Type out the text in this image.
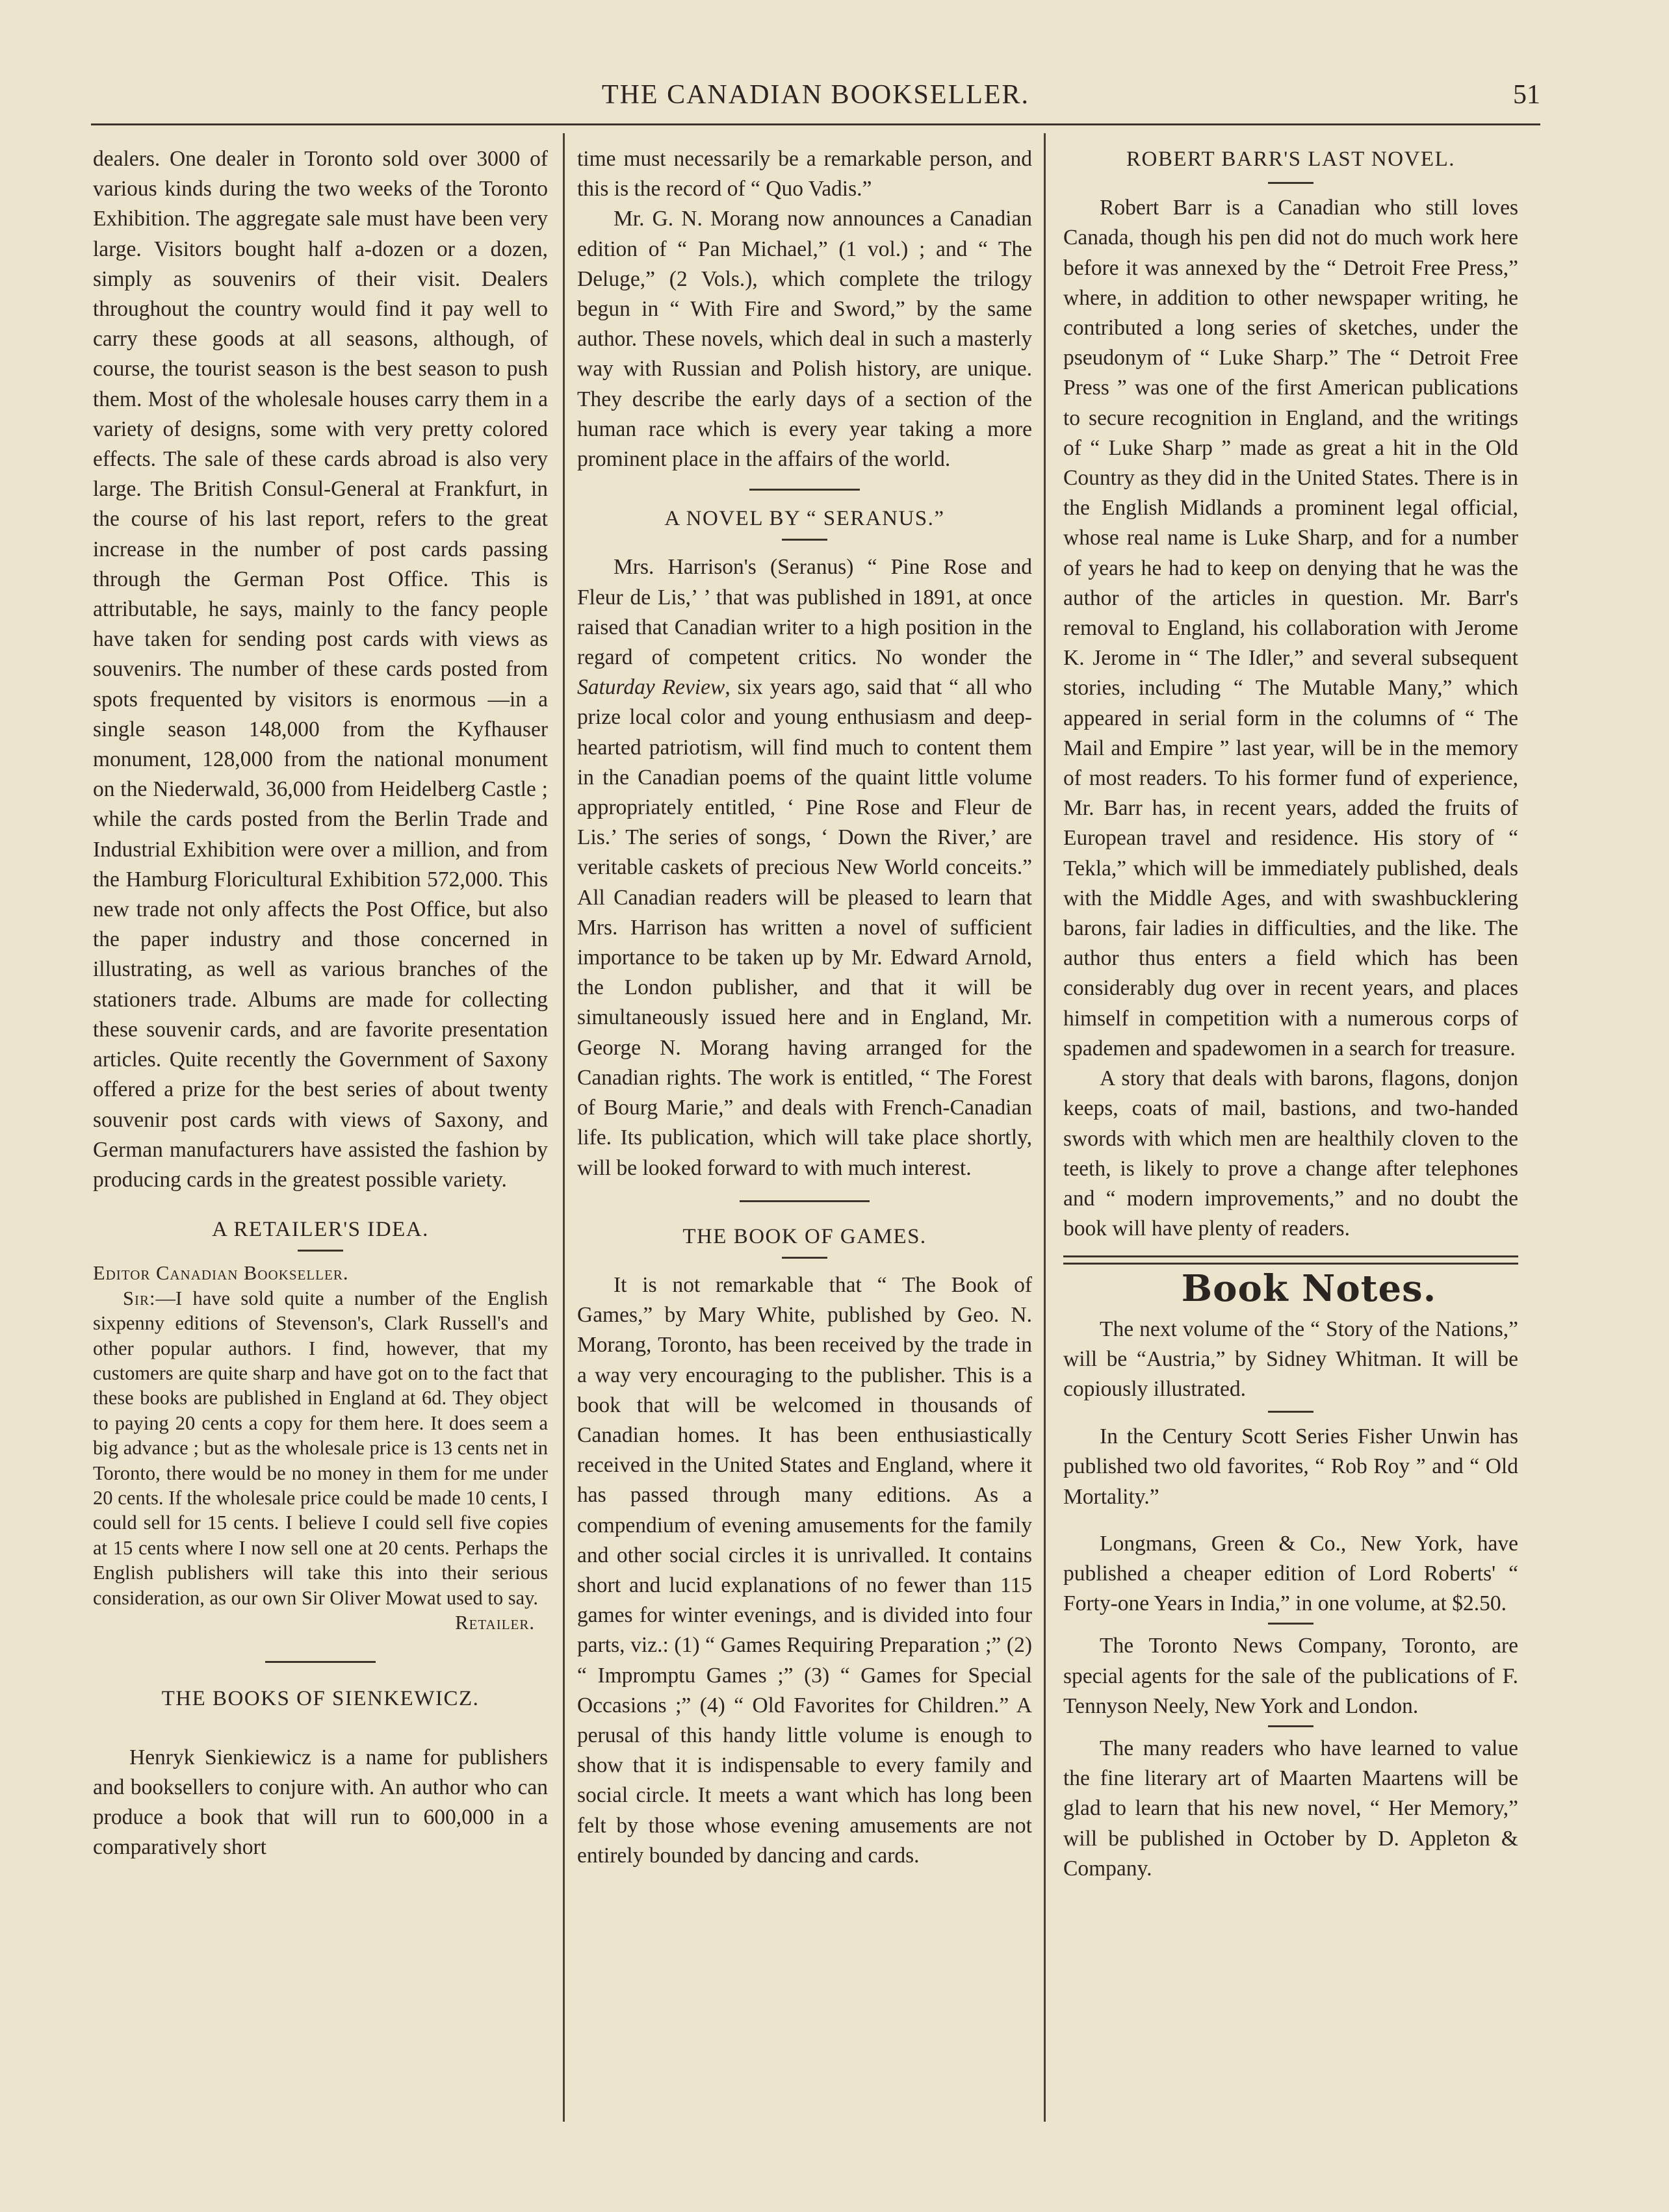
THE CANADIAN BOOKSELLER.	51

dealers. One dealer in Toronto sold over 3000 of various kinds during the two weeks of the Toronto Exhibition. The aggregate sale must have been very large. Visitors bought half a-dozen or a dozen, simply as souvenirs of their visit. Dealers throughout the country would find it pay well to carry these goods at all seasons, although, of course, the tourist season is the best season to push them. Most of the wholesale houses carry them in a variety of designs, some with very pretty colored effects. The sale of these cards abroad is also very large. The British Consul-General at Frankfurt, in the course of his last report, refers to the great increase in the number of post cards passing through the German Post Office. This is attributable, he says, mainly to the fancy people have taken for sending post cards with views as souvenirs. The number of these cards posted from spots frequented by visitors is enormous —in a single season 148,000 from the Kyfhauser monument, 128,000 from the national monument on the Niederwald, 36,000 from Heidelberg Castle ; while the cards posted from the Berlin Trade and Industrial Exhibition were over a million, and from the Hamburg Floricultural Exhibition 572,000. This new trade not only affects the Post Office, but also the paper industry and those concerned in illustrating, as well as various branches of the stationers trade. Albums are made for collecting these souvenir cards, and are favorite presentation articles. Quite recently the Government of Saxony offered a prize for the best series of about twenty souvenir post cards with views of Saxony, and German manufacturers have assisted the fashion by producing cards in the greatest possible variety.

A RETAILER'S IDEA.

Editor Canadian Bookseller.

Sir:—I have sold quite a number of the English sixpenny editions of Stevenson's, Clark Russell's and other popular authors. I find, however, that my customers are quite sharp and have got on to the fact that these books are published in England at 6d. They object to paying 20 cents a copy for them here. It does seem a big advance ; but as the wholesale price is 13 cents net in Toronto, there would be no money in them for me under 20 cents. If the wholesale price could be made 10 cents, I could sell for 15 cents. I believe I could sell five copies at 15 cents where I now sell one at 20 cents. Perhaps the English publishers will take this into their serious consideration, as our own Sir Oliver Mowat used to say.

Retailer.

THE BOOKS OF SIENKEWICZ.

Henryk Sienkiewicz is a name for publishers and booksellers to conjure with. An author who can produce a book that will run to 600,000 in a comparatively short

time must necessarily be a remarkable person, and this is the record of “ Quo Vadis.”

Mr. G. N. Morang now announces a Canadian edition of “ Pan Michael,” (1 vol.) ; and “ The Deluge,” (2 Vols.), which complete the trilogy begun in “ With Fire and Sword,” by the same author. These novels, which deal in such a masterly way with Russian and Polish history, are unique. They describe the early days of a section of the human race which is every year taking a more prominent place in the affairs of the world.

A NOVEL BY “ SERANUS.”

Mrs. Harrison's (Seranus) “ Pine Rose and Fleur de Lis,’ ’ that was published in 1891, at once raised that Canadian writer to a high position in the regard of competent critics. No wonder the Saturday Review, six years ago, said that “ all who prize local color and young enthusiasm and deep-hearted patriotism, will find much to content them in the Canadian poems of the quaint little volume appropriately entitled, ‘ Pine Rose and Fleur de Lis.’ The series of songs, ‘ Down the River,’ are veritable caskets of precious New World conceits.” All Canadian readers will be pleased to learn that Mrs. Harrison has written a novel of sufficient importance to be taken up by Mr. Edward Arnold, the London publisher, and that it will be simultaneously issued here and in England, Mr. George N. Morang having arranged for the Canadian rights. The work is entitled, “ The Forest of Bourg Marie,” and deals with French-Canadian life. Its publication, which will take place shortly, will be looked forward to with much interest.

THE BOOK OF GAMES.

It is not remarkable that “ The Book of Games,” by Mary White, published by Geo. N. Morang, Toronto, has been received by the trade in a way very encouraging to the publisher. This is a book that will be welcomed in thousands of Canadian homes. It has been enthusiastically received in the United States and England, where it has passed through many editions. As a compendium of evening amusements for the family and other social circles it is unrivalled. It contains short and lucid explanations of no fewer than 115 games for winter evenings, and is divided into four parts, viz.: (1) “ Games Requiring Preparation ;” (2) “ Impromptu Games ;” (3) “ Games for Special Occasions ;” (4) “ Old Favorites for Children.” A perusal of this handy little volume is enough to show that it is indispensable to every family and social circle. It meets a want which has long been felt by those whose evening amusements are not entirely bounded by dancing and cards.

ROBERT BARR'S LAST NOVEL.

Robert Barr is a Canadian who still loves Canada, though his pen did not do much work here before it was annexed by the “ Detroit Free Press,” where, in addition to other newspaper writing, he contributed a long series of sketches, under the pseudonym of “ Luke Sharp.” The “ Detroit Free Press ” was one of the first American publications to secure recognition in England, and the writings of “ Luke Sharp ” made as great a hit in the Old Country as they did in the United States. There is in the English Midlands a prominent legal official, whose real name is Luke Sharp, and for a number of years he had to keep on denying that he was the author of the articles in question. Mr. Barr's removal to England, his collaboration with Jerome K. Jerome in “ The Idler,” and several subsequent stories, including “ The Mutable Many,” which appeared in serial form in the columns of “ The Mail and Empire ” last year, will be in the memory of most readers. To his former fund of experience, Mr. Barr has, in recent years, added the fruits of European travel and residence. His story of “ Tekla,” which will be immediately published, deals with the Middle Ages, and with swashbucklering barons, fair ladies in difficulties, and the like. The author thus enters a field which has been considerably dug over in recent years, and places himself in competition with a numerous corps of spademen and spadewomen in a search for treasure.

A story that deals with barons, flagons, donjon keeps, coats of mail, bastions, and two-handed swords with which men are healthily cloven to the teeth, is likely to prove a change after telephones and “ modern improvements,” and no doubt the book will have plenty of readers.

Book Notes.

The next volume of the “ Story of the Nations,” will be “Austria,” by Sidney Whitman. It will be copiously illustrated.

In the Century Scott Series Fisher Unwin has published two old favorites, “ Rob Roy ” and “ Old Mortality.”

Longmans, Green & Co., New York, have published a cheaper edition of Lord Roberts' “ Forty-one Years in India,” in one volume, at $2.50.

The Toronto News Company, Toronto, are special agents for the sale of the publications of F. Tennyson Neely, New York and London.

The many readers who have learned to value the fine literary art of Maarten Maartens will be glad to learn that his new novel, “ Her Memory,” will be published in October by D. Appleton & Company.
